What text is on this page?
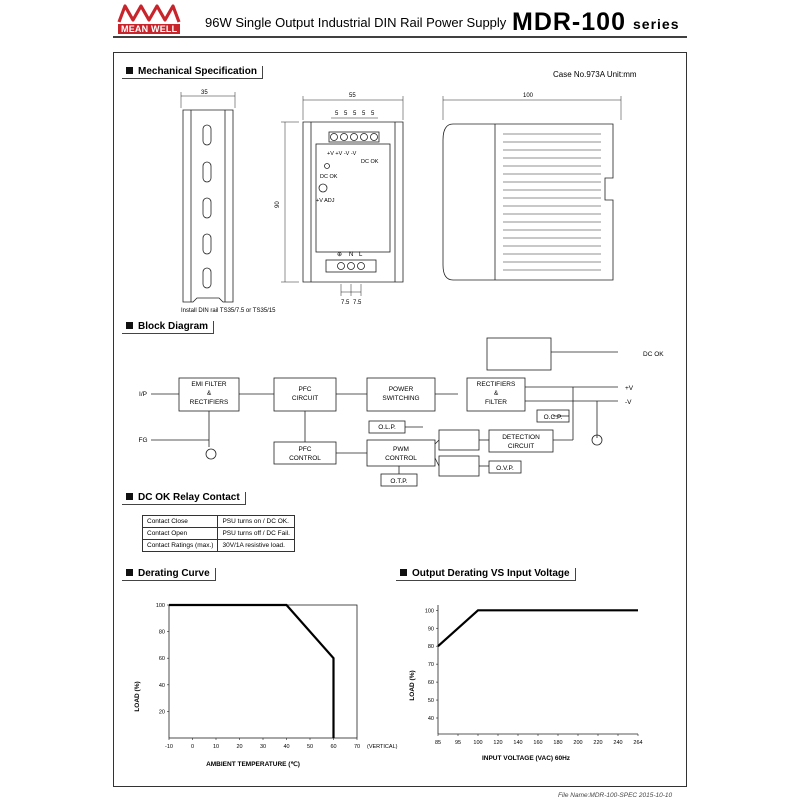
MEAN WELL 96W Single Output Industrial DIN Rail Power Supply MDR-100 series
Mechanical Specification	Case No.973A Unit:mm
Block Diagram
DC OK Relay Contact
Derating Curve	Output Derating VS Input Voltage
35
Install DIN rail TS35/7.5 or TS35/15
55
5 5 5 5 5
+V +V -V -V
DC OK
DC OK
+V ADJ
⊕ N L
7.5 7.5
90
100
I/P
FG
EMI FILTER
&
RECTIFIERS
PFC
CIRCUIT
POWER
SWITCHING
RECTIFIERS
&
FILTER
O.L.P.
PFC
CONTROL
PWM
CONTROL
O.T.P.
O.C.P.
DETECTION
CIRCUIT
O.V.P.
DC OK
+V
-V
Contact Close	PSU turns on / DC OK.
Contact Open	PSU turns off / DC Fail.
Contact Ratings (max.)	30V/1A resistive load.
100
80
60
40
20
-10	0	10	20	30	40	50	60	70 (VERTICAL)
AMBIENT TEMPERATURE (℃)
LOAD (%)
100
90
80
70
60
50
40
85	95 100 120 140 160 180 200 220 240 264
INPUT VOLTAGE (VAC) 60Hz
LOAD (%)
File Name:MDR-100-SPEC 2015-10-10
